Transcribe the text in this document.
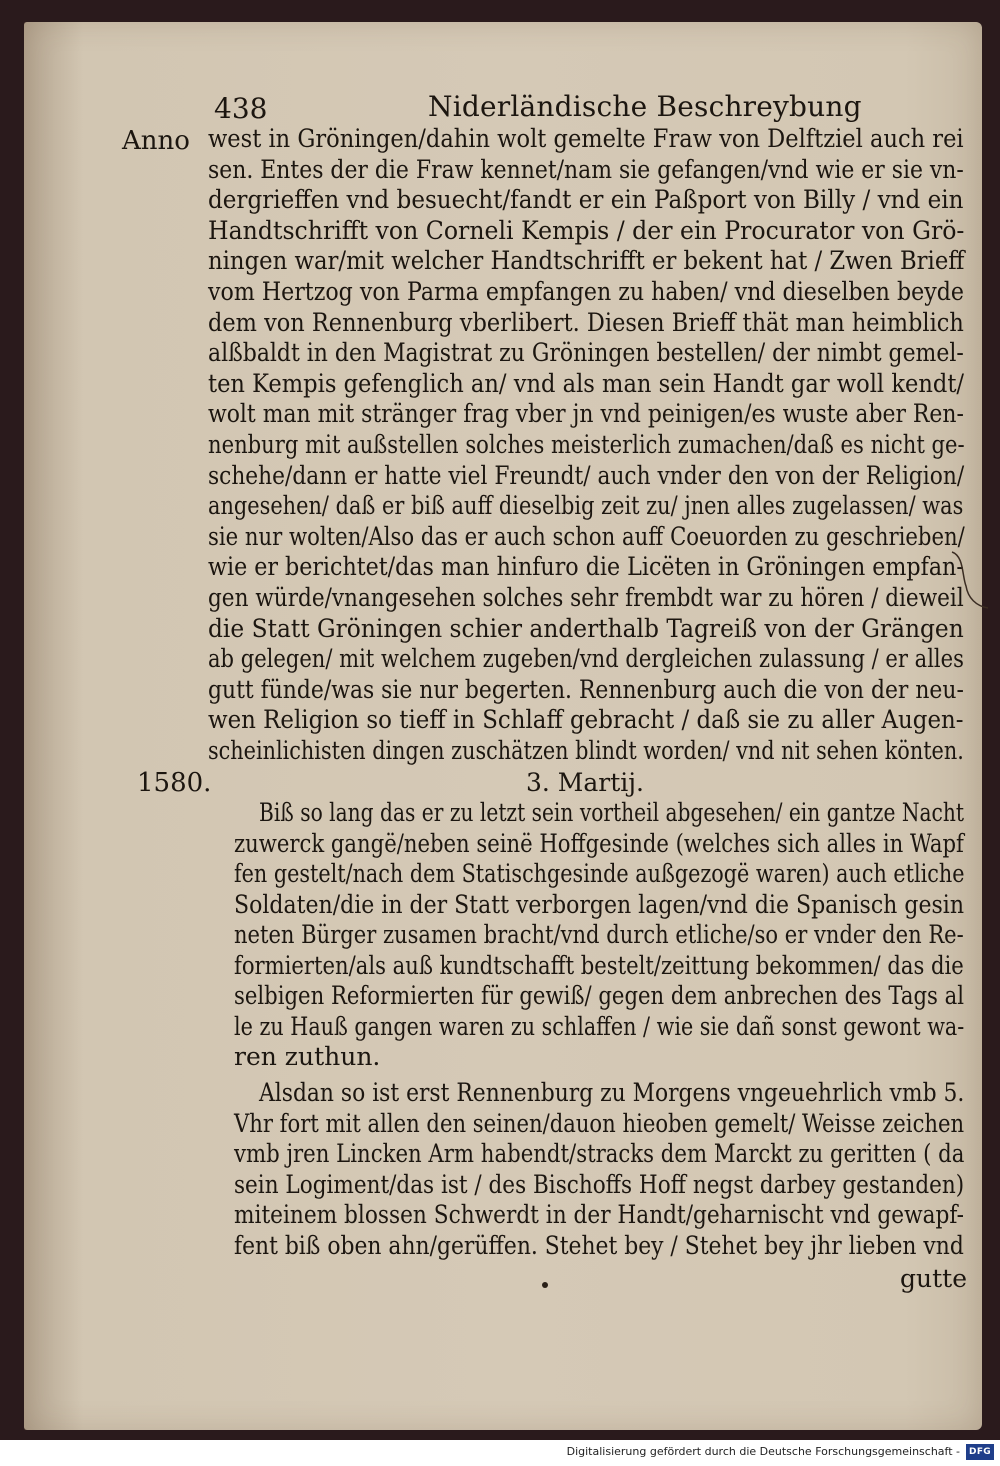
438	Niderländische Beschreybung
Anno
1580.
west in Gröningen/dahin wolt gemelte Fraw von Delftziel auch rei
sen. Entes der die Fraw kennet/nam sie gefangen/vnd wie er sie vn-
dergrieffen vnd besuecht/fandt er ein Paßport von Billy / vnd ein
Handtschrifft von Corneli Kempis / der ein Procurator von Grö-
ningen war/mit welcher Handtschrifft er bekent hat / Zwen Brieff
vom Hertzog von Parma empfangen zu haben/ vnd dieselben beyde
dem von Rennenburg vberlibert. Diesen Brieff thät man heimblich
alßbaldt in den Magistrat zu Gröningen bestellen/ der nimbt gemel-
ten Kempis gefenglich an/ vnd als man sein Handt gar woll kendt/
wolt man mit stränger frag vber jn vnd peinigen/es wuste aber Ren-
nenburg mit außstellen solches meisterlich zumachen/daß es nicht ge-
schehe/dann er hatte viel Freundt/ auch vnder den von der Religion/
angesehen/ daß er biß auff dieselbig zeit zu/ jnen alles zugelassen/ was
sie nur wolten/Also das er auch schon auff Coeuorden zu geschrieben/
wie er berichtet/das man hinfuro die Licëten in Gröningen empfan-
gen würde/vnangesehen solches sehr frembdt war zu hören / dieweil
die Statt Gröningen schier anderthalb Tagreiß von der Grängen
ab gelegen/ mit welchem zugeben/vnd dergleichen zulassung / er alles
gutt fünde/was sie nur begerten. Rennenburg auch die von der neu-
wen Religion so tieff in Schlaff gebracht / daß sie zu aller Augen-
scheinlichisten dingen zuschätzen blindt worden/ vnd nit sehen könten.
3. Martij.
Biß so lang das er zu letzt sein vortheil abgesehen/ ein gantze Nacht
zuwerck gangë/neben seinë Hoffgesinde (welches sich alles in Wapf
fen gestelt/nach dem Statischgesinde außgezogë waren) auch etliche
Soldaten/die in der Statt verborgen lagen/vnd die Spanisch gesin
neten Bürger zusamen bracht/vnd durch etliche/so er vnder den Re-
formierten/als auß kundtschafft bestelt/zeittung bekommen/ das die
selbigen Reformierten für gewiß/ gegen dem anbrechen des Tags al
le zu Hauß gangen waren zu schlaffen / wie sie dañ sonst gewont wa-
ren zuthun.
Alsdan so ist erst Rennenburg zu Morgens vngeuehrlich vmb 5.
Vhr fort mit allen den seinen/dauon hieoben gemelt/ Weisse zeichen
vmb jren Lincken Arm habendt/stracks dem Marckt zu geritten ( da
sein Logiment/das ist / des Bischoffs Hoff negst darbey gestanden)
miteinem blossen Schwerdt in der Handt/geharnischt vnd gewapf-
fent biß oben ahn/gerüffen. Stehet bey / Stehet bey jhr lieben vnd
gutte
Digitalisierung gefördert durch die Deutsche Forschungsgemeinschaft -	DFG
